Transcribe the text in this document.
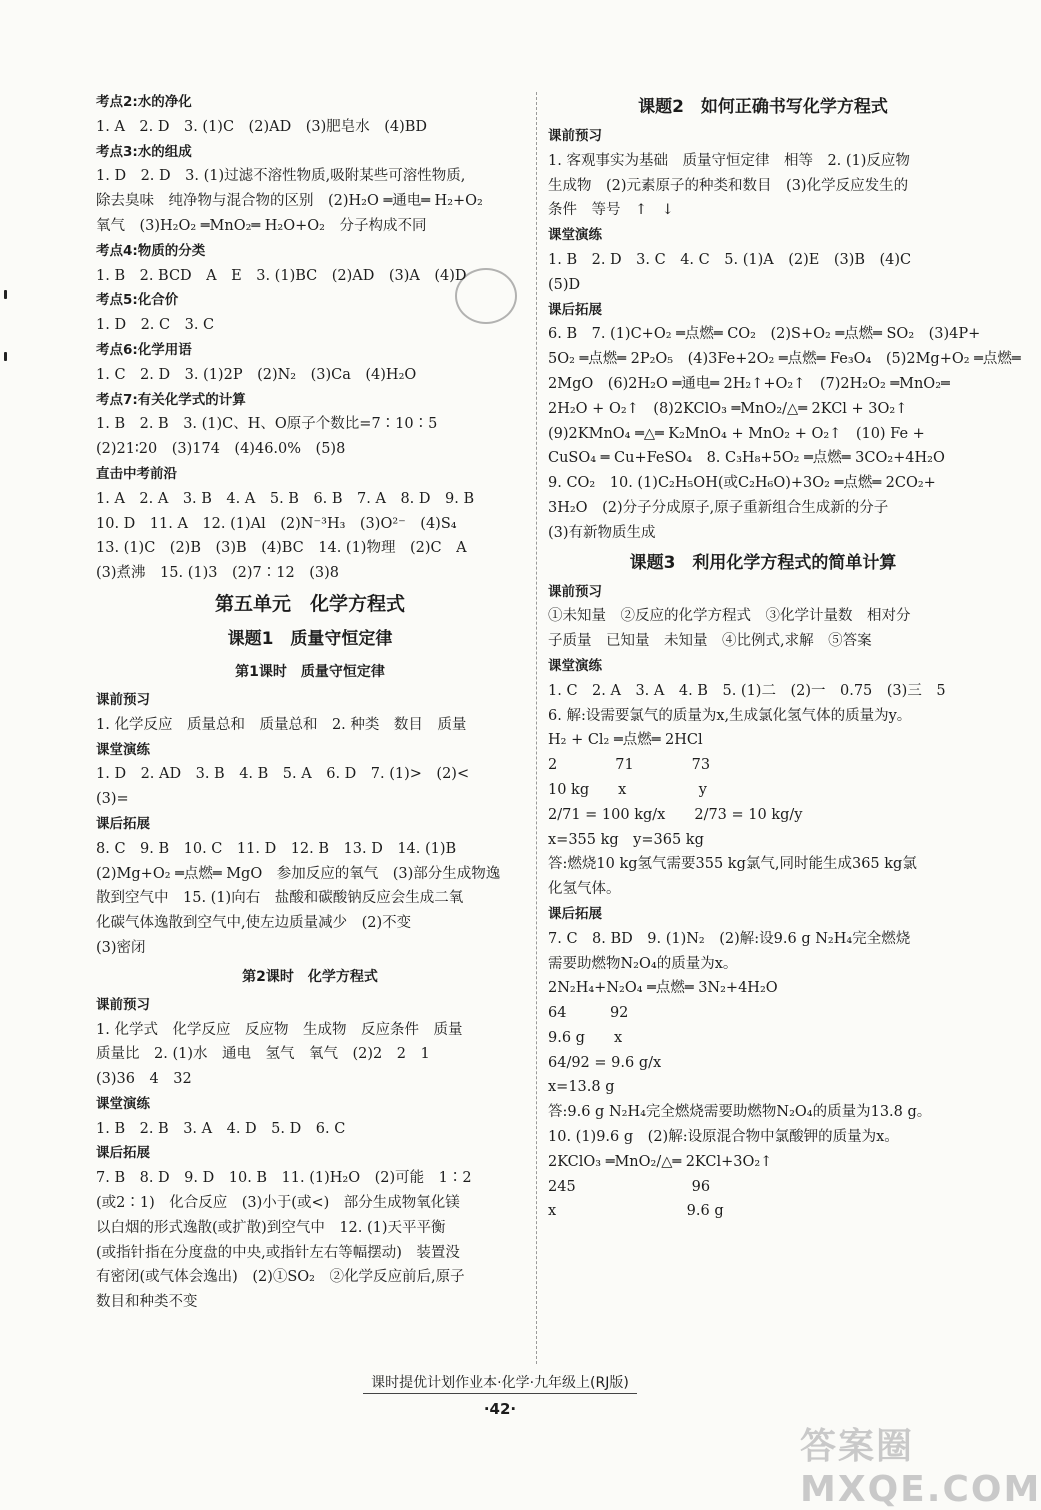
考点2:水的净化
1. A　2. D　3. (1)C　(2)AD　(3)肥皂水　(4)BD
考点3:水的组成
1. D　2. D　3. (1)过滤不溶性物质,吸附某些可溶性物质,
除去臭味　纯净物与混合物的区别　(2)H₂O ═通电═ H₂+O₂
氧气　(3)H₂O₂ ═MnO₂═ H₂O+O₂　分子构成不同
考点4:物质的分类
1. B　2. BCD　A　E　3. (1)BC　(2)AD　(3)A　(4)D
考点5:化合价
1. D　2. C　3. C
考点6:化学用语
1. C　2. D　3. (1)2P　(2)N₂　(3)Ca　(4)H₂O
考点7:有关化学式的计算
1. B　2. B　3. (1)C、H、O原子个数比=7∶10∶5
(2)21∶20　(3)174　(4)46.0%　(5)8
直击中考前沿
1. A　2. A　3. B　4. A　5. B　6. B　7. A　8. D　9. B
10. D　11. A　12. (1)Al　(2)N⁻³H₃　(3)O²⁻　(4)S₄
13. (1)C　(2)B　(3)B　(4)BC　14. (1)物理　(2)C　A
(3)煮沸　15. (1)3　(2)7∶12　(3)8
第五单元　化学方程式
课题1　质量守恒定律
第1课时　质量守恒定律
课前预习
1. 化学反应　质量总和　质量总和　2. 种类　数目　质量
课堂演练
1. D　2. AD　3. B　4. B　5. A　6. D　7. (1)>　(2)<
(3)=
课后拓展
8. C　9. B　10. C　11. D　12. B　13. D　14. (1)B
(2)Mg+O₂ ═点燃═ MgO　参加反应的氧气　(3)部分生成物逸
散到空气中　15. (1)向右　盐酸和碳酸钠反应会生成二氧
化碳气体逸散到空气中,使左边质量减少　(2)不变
(3)密闭
第2课时　化学方程式
课前预习
1. 化学式　化学反应　反应物　生成物　反应条件　质量
质量比　2. (1)水　通电　氢气　氧气　(2)2　2　1
(3)36　4　32
课堂演练
1. B　2. B　3. A　4. D　5. D　6. C
课后拓展
7. B　8. D　9. D　10. B　11. (1)H₂O　(2)可能　1∶2
(或2∶1)　化合反应　(3)小于(或<)　部分生成物氧化镁
以白烟的形式逸散(或扩散)到空气中　12. (1)天平平衡
(或指针指在分度盘的中央,或指针左右等幅摆动)　装置没
有密闭(或气体会逸出)　(2)①SO₂　②化学反应前后,原子
数目和种类不变
课题2　如何正确书写化学方程式
课前预习
1. 客观事实为基础　质量守恒定律　相等　2. (1)反应物
生成物　(2)元素原子的种类和数目　(3)化学反应发生的
条件　等号　↑　↓
课堂演练
1. B　2. D　3. C　4. C　5. (1)A　(2)E　(3)B　(4)C
(5)D
课后拓展
6. B　7. (1)C+O₂ ═点燃═ CO₂　(2)S+O₂ ═点燃═ SO₂　(3)4P+
5O₂ ═点燃═ 2P₂O₅　(4)3Fe+2O₂ ═点燃═ Fe₃O₄　(5)2Mg+O₂ ═点燃═
2MgO　(6)2H₂O ═通电═ 2H₂↑+O₂↑　(7)2H₂O₂ ═MnO₂═
2H₂O + O₂↑　(8)2KClO₃ ═MnO₂/△═ 2KCl + 3O₂↑
(9)2KMnO₄ ═△═ K₂MnO₄ + MnO₂ + O₂↑　(10) Fe +
CuSO₄ ═ Cu+FeSO₄　8. C₃H₈+5O₂ ═点燃═ 3CO₂+4H₂O
9. CO₂　10. (1)C₂H₅OH(或C₂H₆O)+3O₂ ═点燃═ 2CO₂+
3H₂O　(2)分子分成原子,原子重新组合生成新的分子
(3)有新物质生成
课题3　利用化学方程式的简单计算
课前预习
①未知量　②反应的化学方程式　③化学计量数　相对分
子质量　已知量　未知量　④比例式,求解　⑤答案
课堂演练
1. C　2. A　3. A　4. B　5. (1)二　(2)一　0.75　(3)三　5
6. 解:设需要氯气的质量为x,生成氯化氢气体的质量为y。
H₂ + Cl₂ ═点燃═ 2HCl
2　　　　71　　　　73
10 kg　　x　　　　　y
2/71 = 100 kg/x　　2/73 = 10 kg/y
x=355 kg　y=365 kg
答:燃烧10 kg氢气需要355 kg氯气,同时能生成365 kg氯
化氢气体。
课后拓展
7. C　8. BD　9. (1)N₂　(2)解:设9.6 g N₂H₄完全燃烧
需要助燃物N₂O₄的质量为x。
2N₂H₄+N₂O₄ ═点燃═ 3N₂+4H₂O
64　　　92
9.6 g　　x
64/92 = 9.6 g/x
x=13.8 g
答:9.6 g N₂H₄完全燃烧需要助燃物N₂O₄的质量为13.8 g。
10. (1)9.6 g　(2)解:设原混合物中氯酸钾的质量为x。
2KClO₃ ═MnO₂/△═ 2KCl+3O₂↑
245　　　　　　　　96
x　　　　　　　　　9.6 g
课时提优计划作业本·化学·九年级上(RJ版)
·42·
答案圈 MXQE.COM
